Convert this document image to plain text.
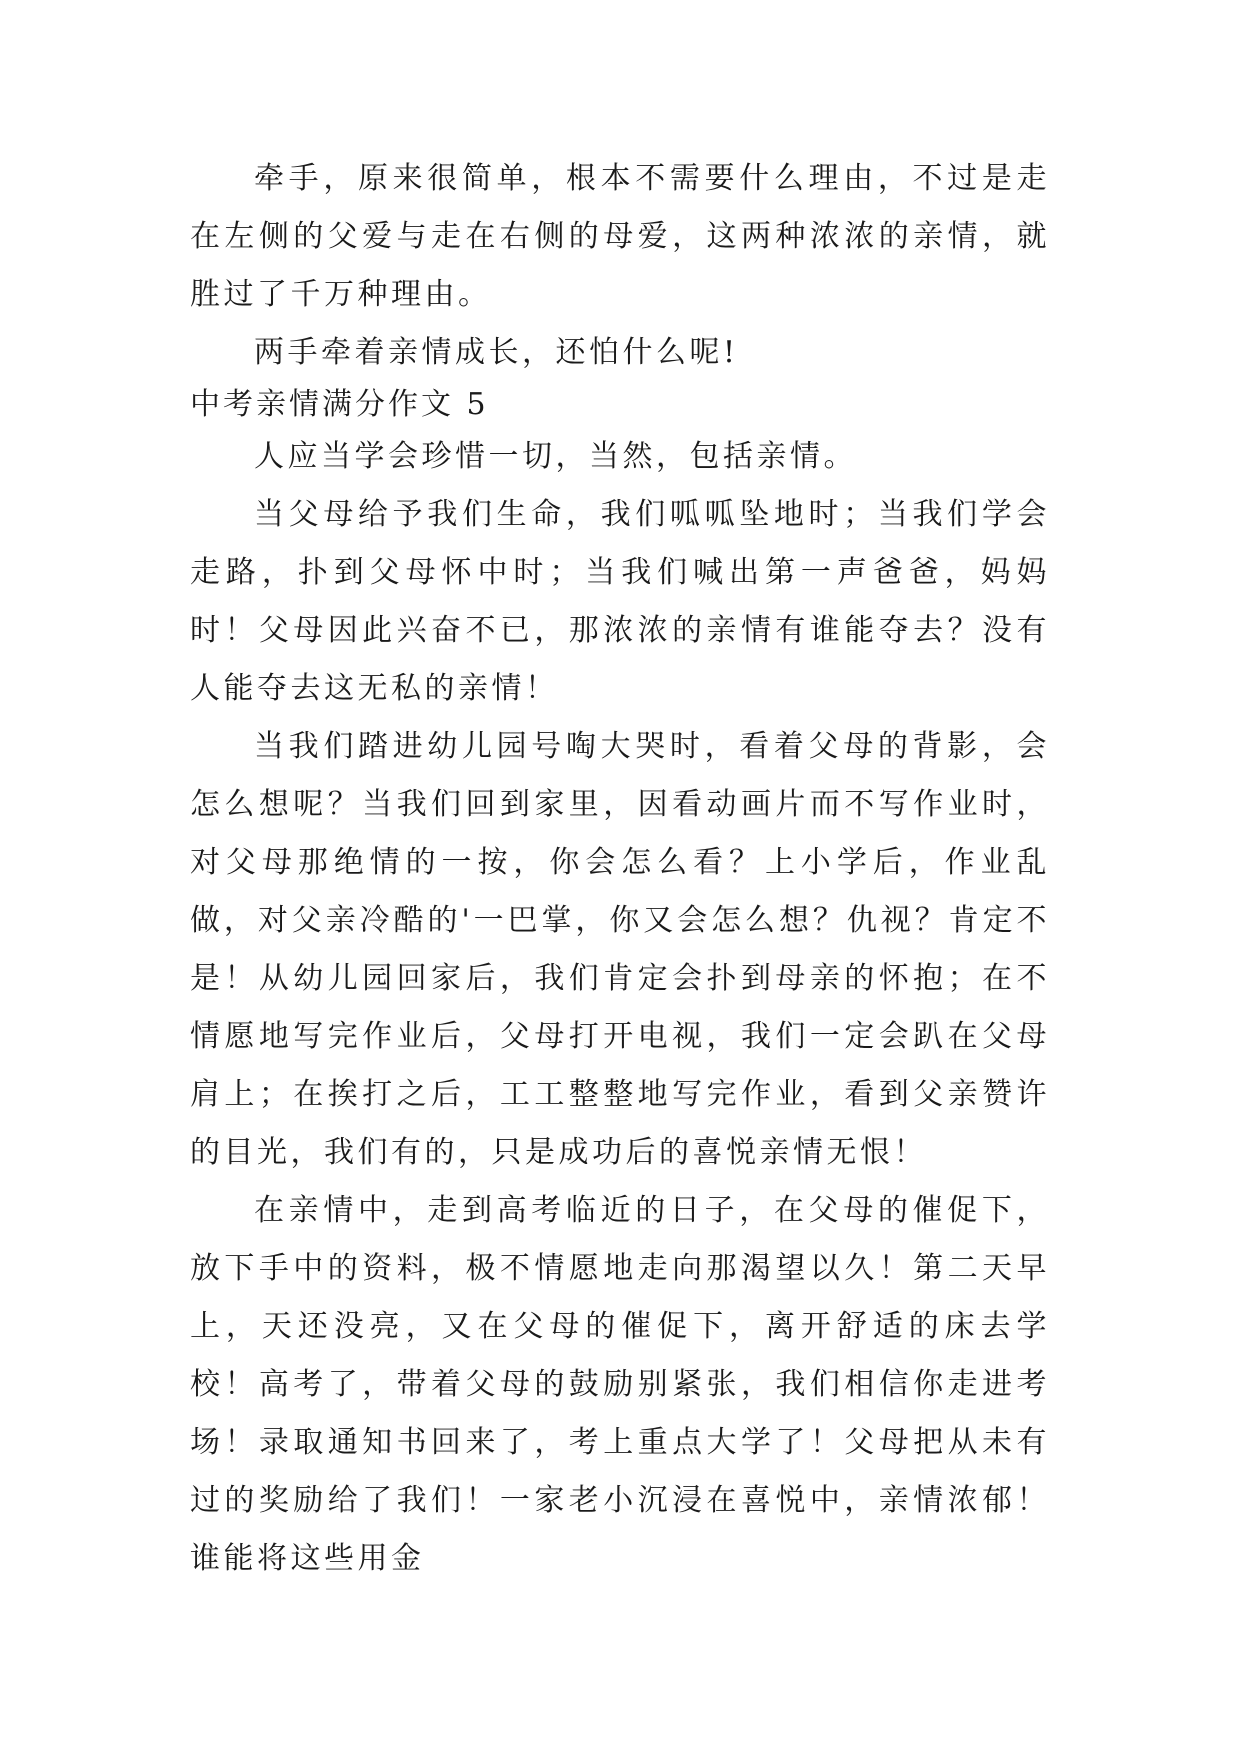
牵手，原来很简单，根本不需要什么理由，不过是走在左侧的父爱与走在右侧的母爱，这两种浓浓的亲情，就胜过了千万种理由。

两手牵着亲情成长，还怕什么呢!

中考亲情满分作文 5

人应当学会珍惜一切，当然，包括亲情。

当父母给予我们生命，我们呱呱坠地时；当我们学会走路，扑到父母怀中时；当我们喊出第一声爸爸，妈妈时！父母因此兴奋不已，那浓浓的亲情有谁能夺去？没有人能夺去这无私的亲情！

当我们踏进幼儿园号啕大哭时，看着父母的背影，会怎么想呢？当我们回到家里，因看动画片而不写作业时，对父母那绝情的一按，你会怎么看？上小学后，作业乱做，对父亲冷酷的'一巴掌，你又会怎么想？仇视？肯定不是！从幼儿园回家后，我们肯定会扑到母亲的怀抱；在不情愿地写完作业后，父母打开电视，我们一定会趴在父母肩上；在挨打之后，工工整整地写完作业，看到父亲赞许的目光，我们有的，只是成功后的喜悦亲情无恨！

在亲情中，走到高考临近的日子，在父母的催促下，放下手中的资料，极不情愿地走向那渴望以久！第二天早上，天还没亮，又在父母的催促下，离开舒适的床去学校！高考了，带着父母的鼓励别紧张，我们相信你走进考场！录取通知书回来了，考上重点大学了！父母把从未有过的奖励给了我们！一家老小沉浸在喜悦中，亲情浓郁！谁能将这些用金
